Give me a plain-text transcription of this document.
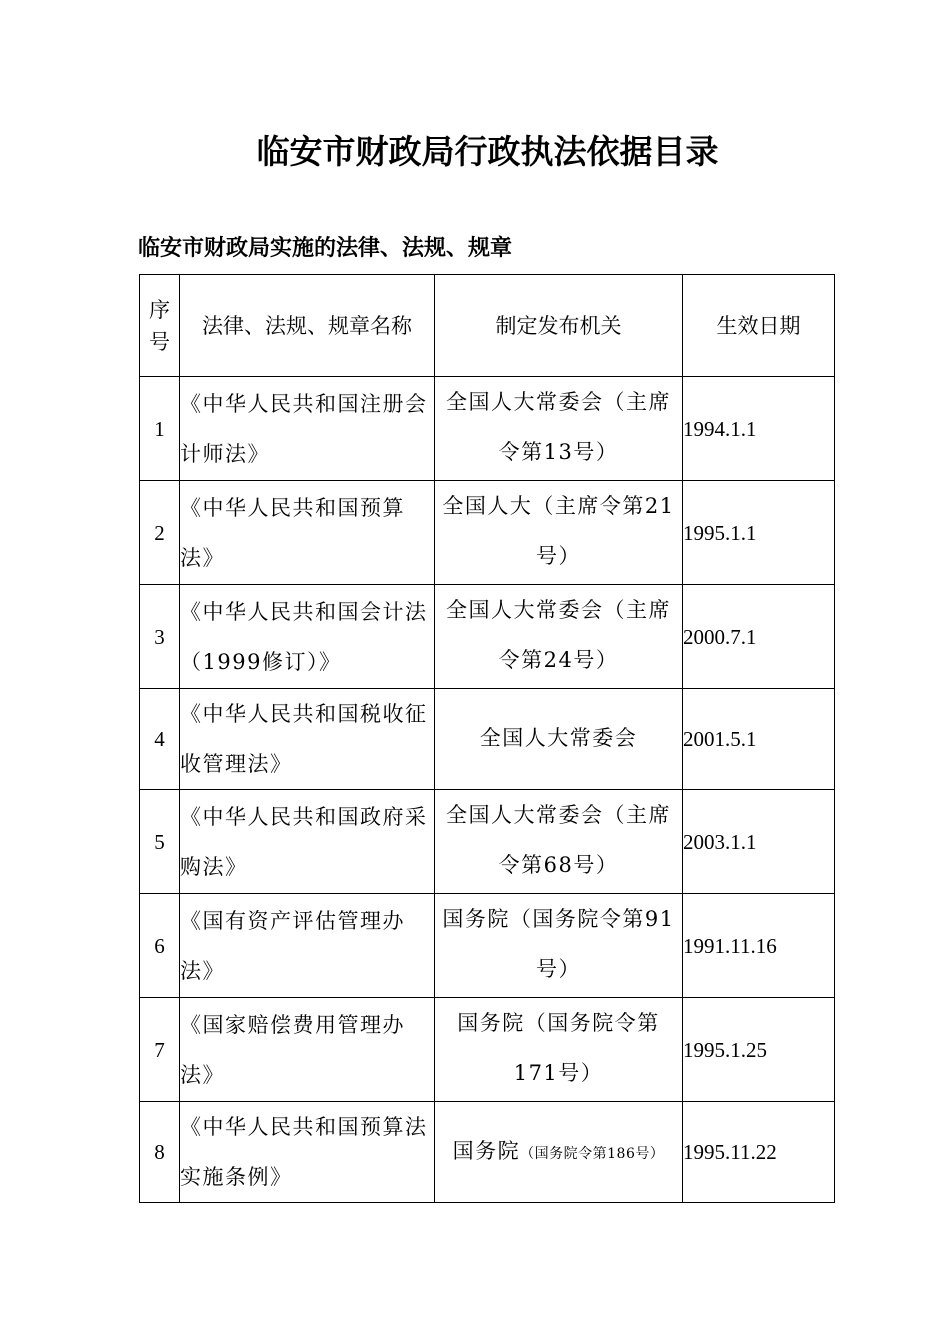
临安市财政局行政执法依据目录
临安市财政局实施的法律、法规、规章
序号	法律、法规、规章名称	制定发布机关	生效日期
1	《中华人民共和国注册会计师法》	全国人大常委会（主席令第13号）	1994.1.1
2	《中华人民共和国预算法》	全国人大（主席令第21号）	1995.1.1
3	《中华人民共和国会计法（1999修订）》	全国人大常委会（主席令第24号）	2000.7.1
4	《中华人民共和国税收征收管理法》	全国人大常委会	2001.5.1
5	《中华人民共和国政府采购法》	全国人大常委会（主席令第68号）	2003.1.1
6	《国有资产评估管理办法》	国务院（国务院令第91号）	1991.11.16
7	《国家赔偿费用管理办法》	国务院（国务院令第171号）	1995.1.25
8	《中华人民共和国预算法实施条例》	国务院（国务院令第186号）	1995.11.22
